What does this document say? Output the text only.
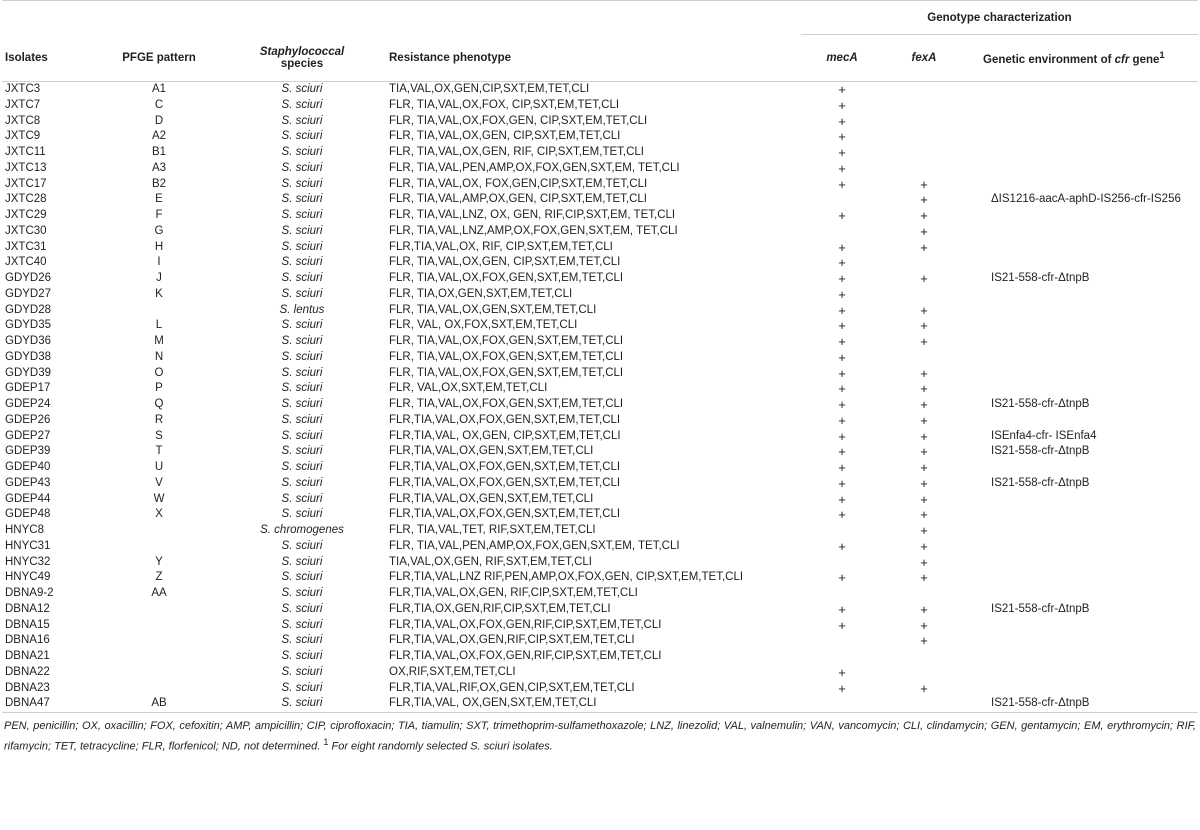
				Genotype characterization		
Isolates	PFGE pattern	Staphylococcal
species	Resistance phenotype	mecA	fexA	Genetic environment of cfr gene$^1$
JXTC3	A1	S. sciuri	TIA,VAL,OX,GEN,CIP,SXT,EM,TET,CLI	+		
JXTC7	C	S. sciuri	FLR, TIA,VAL,OX,FOX, CIP,SXT,EM,TET,CLI	+		
JXTC8	D	S. sciuri	FLR, TIA,VAL,OX,FOX,GEN, CIP,SXT,EM,TET,CLI	+		
JXTC9	A2	S. sciuri	FLR, TIA,VAL,OX,GEN, CIP,SXT,EM,TET,CLI	+		
JXTC11	B1	S. sciuri	FLR, TIA,VAL,OX,GEN, RIF, CIP,SXT,EM,TET,CLI	+		
JXTC13	A3	S. sciuri	FLR, TIA,VAL,PEN,AMP,OX,FOX,GEN,SXT,EM, TET,CLI	+		
JXTC17	B2	S. sciuri	FLR, TIA,VAL,OX, FOX,GEN,CIP,SXT,EM,TET,CLI	+	+	
JXTC28	E	S. sciuri	FLR, TIA,VAL,AMP,OX,GEN, CIP,SXT,EM,TET,CLI		+	ΔIS1216-aacA-aphD-IS256-cfr-IS256
JXTC29	F	S. sciuri	FLR, TIA,VAL,LNZ, OX, GEN, RIF,CIP,SXT,EM, TET,CLI	+	+	
JXTC30	G	S. sciuri	FLR, TIA,VAL,LNZ,AMP,OX,FOX,GEN,SXT,EM, TET,CLI		+	
JXTC31	H	S. sciuri	FLR,TIA,VAL,OX, RIF, CIP,SXT,EM,TET,CLI	+	+	
JXTC40	I	S. sciuri	FLR, TIA,VAL,OX,GEN, CIP,SXT,EM,TET,CLI	+		
GDYD26	J	S. sciuri	FLR, TIA,VAL,OX,FOX,GEN,SXT,EM,TET,CLI	+	+	IS21-558-cfr-ΔtnpB
GDYD27	K	S. sciuri	FLR, TIA,OX,GEN,SXT,EM,TET,CLI	+		
GDYD28		S. lentus	FLR, TIA,VAL,OX,GEN,SXT,EM,TET,CLI	+	+	
GDYD35	L	S. sciuri	FLR, VAL, OX,FOX,SXT,EM,TET,CLI	+	+	
GDYD36	M	S. sciuri	FLR, TIA,VAL,OX,FOX,GEN,SXT,EM,TET,CLI	+	+	
GDYD38	N	S. sciuri	FLR, TIA,VAL,OX,FOX,GEN,SXT,EM,TET,CLI	+		
GDYD39	O	S. sciuri	FLR, TIA,VAL,OX,FOX,GEN,SXT,EM,TET,CLI	+	+	
GDEP17	P	S. sciuri	FLR, VAL,OX,SXT,EM,TET,CLI	+	+	
GDEP24	Q	S. sciuri	FLR, TIA,VAL,OX,FOX,GEN,SXT,EM,TET,CLI	+	+	IS21-558-cfr-ΔtnpB
GDEP26	R	S. sciuri	FLR,TIA,VAL,OX,FOX,GEN,SXT,EM,TET,CLI	+	+	
GDEP27	S	S. sciuri	FLR,TIA,VAL, OX,GEN, CIP,SXT,EM,TET,CLI	+	+	ISEnfa4-cfr- ISEnfa4
GDEP39	T	S. sciuri	FLR,TIA,VAL,OX,GEN,SXT,EM,TET,CLI	+	+	IS21-558-cfr-ΔtnpB
GDEP40	U	S. sciuri	FLR,TIA,VAL,OX,FOX,GEN,SXT,EM,TET,CLI	+	+	
GDEP43	V	S. sciuri	FLR,TIA,VAL,OX,FOX,GEN,SXT,EM,TET,CLI	+	+	IS21-558-cfr-ΔtnpB
GDEP44	W	S. sciuri	FLR,TIA,VAL,OX,GEN,SXT,EM,TET,CLI	+	+	
GDEP48	X	S. sciuri	FLR,TIA,VAL,OX,FOX,GEN,SXT,EM,TET,CLI	+	+	
HNYC8		S. chromogenes	FLR, TIA,VAL,TET, RIF,SXT,EM,TET,CLI		+	
HNYC31		S. sciuri	FLR, TIA,VAL,PEN,AMP,OX,FOX,GEN,SXT,EM, TET,CLI	+	+	
HNYC32	Y	S. sciuri	TIA,VAL,OX,GEN, RIF,SXT,EM,TET,CLI		+	
HNYC49	Z	S. sciuri	FLR,TIA,VAL,LNZ RIF,PEN,AMP,OX,FOX,GEN, CIP,SXT,EM,TET,CLI	+	+	
DBNA9-2	AA	S. sciuri	FLR,TIA,VAL,OX,GEN, RIF,CIP,SXT,EM,TET,CLI			
DBNA12		S. sciuri	FLR,TIA,OX,GEN,RIF,CIP,SXT,EM,TET,CLI	+	+	IS21-558-cfr-ΔtnpB
DBNA15		S. sciuri	FLR,TIA,VAL,OX,FOX,GEN,RIF,CIP,SXT,EM,TET,CLI	+	+	
DBNA16		S. sciuri	FLR,TIA,VAL,OX,GEN,RIF,CIP,SXT,EM,TET,CLI		+	
DBNA21		S. sciuri	FLR,TIA,VAL,OX,FOX,GEN,RIF,CIP,SXT,EM,TET,CLI			
DBNA22		S. sciuri	OX,RIF,SXT,EM,TET,CLI	+		
DBNA23		S. sciuri	FLR,TIA,VAL,RIF,OX,GEN,CIP,SXT,EM,TET,CLI	+	+	
DBNA47	AB	S. sciuri	FLR,TIA,VAL, OX,GEN,SXT,EM,TET,CLI			IS21-558-cfr-ΔtnpB

PEN, penicillin; OX, oxacillin; FOX, cefoxitin; AMP, ampicillin; CIP, ciprofloxacin; TIA, tiamulin; SXT, trimethoprim-sulfamethoxazole; LNZ, linezolid; VAL, valnemulin; VAN, vancomycin; CLI, clindamycin; GEN, gentamycin; EM, erythromycin; RIF, rifamycin; TET, tetracycline; FLR, florfenicol; ND, not determined. $^1$ For eight randomly selected S. sciuri isolates.
